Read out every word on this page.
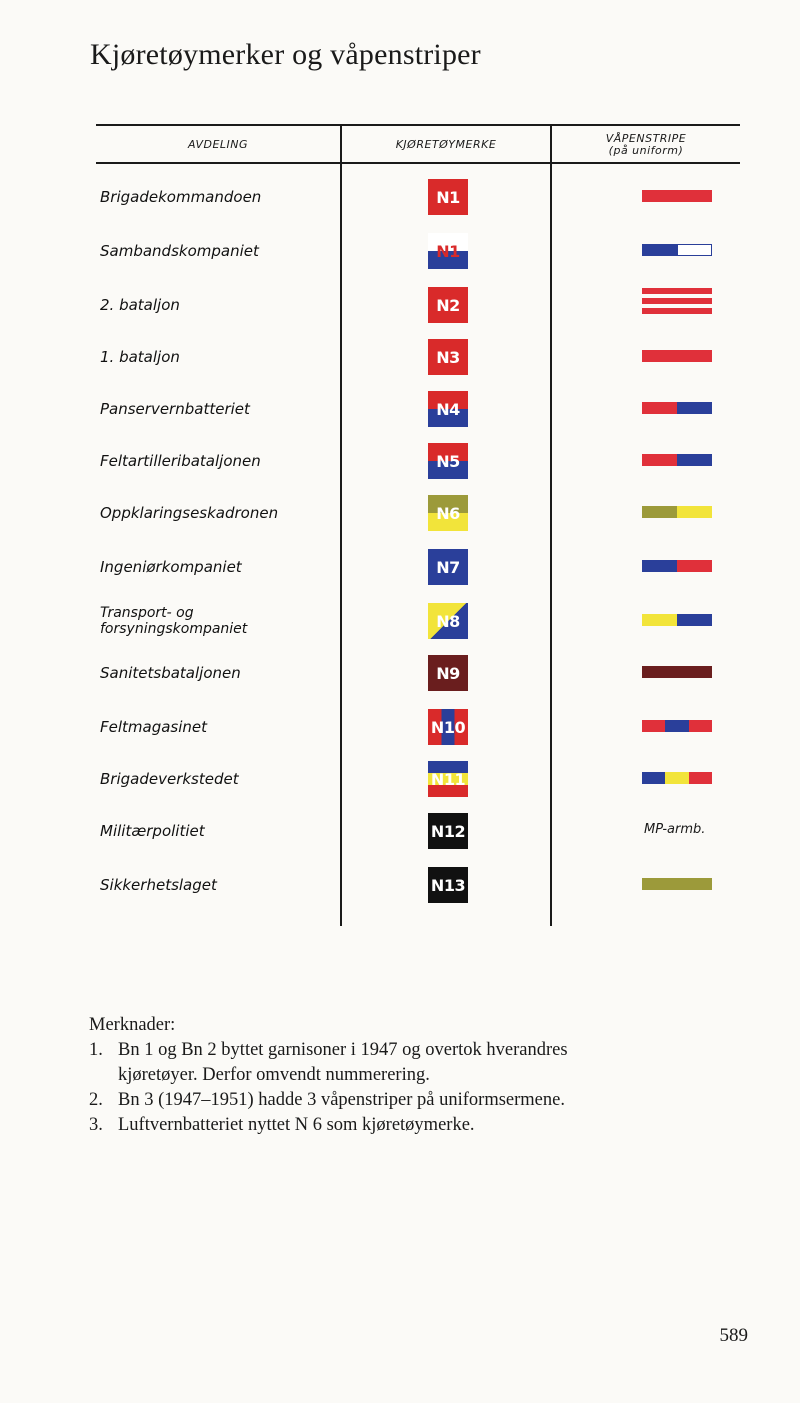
Kjøretøymerker og våpenstriper
AVDELING	KJØRETØYMERKE	VÅPENSTRIPE
(på uniform)
Brigadekommandoen	N1
Sambandskompaniet	N1
2. bataljon	N2
1. bataljon	N3
Panservernbatteriet	N4
Feltartilleribataljonen	N5
Oppklaringseskadronen	N6
Ingeniørkompaniet	N7
Transport- og
forsyningskompaniet	N8
Sanitetsbataljonen	N9
Feltmagasinet	N10
Brigadeverkstedet	N11
Militærpolitiet	N12	MP-armb.
Sikkerhetslaget	N13
Merknader:
1. Bn 1 og Bn 2 byttet garnisoner i 1947 og overtok hverandres
kjøretøyer. Derfor omvendt nummerering.
2. Bn 3 (1947–1951) hadde 3 våpenstriper på uniformsermene.
3. Luftvernbatteriet nyttet N 6 som kjøretøymerke.
589
